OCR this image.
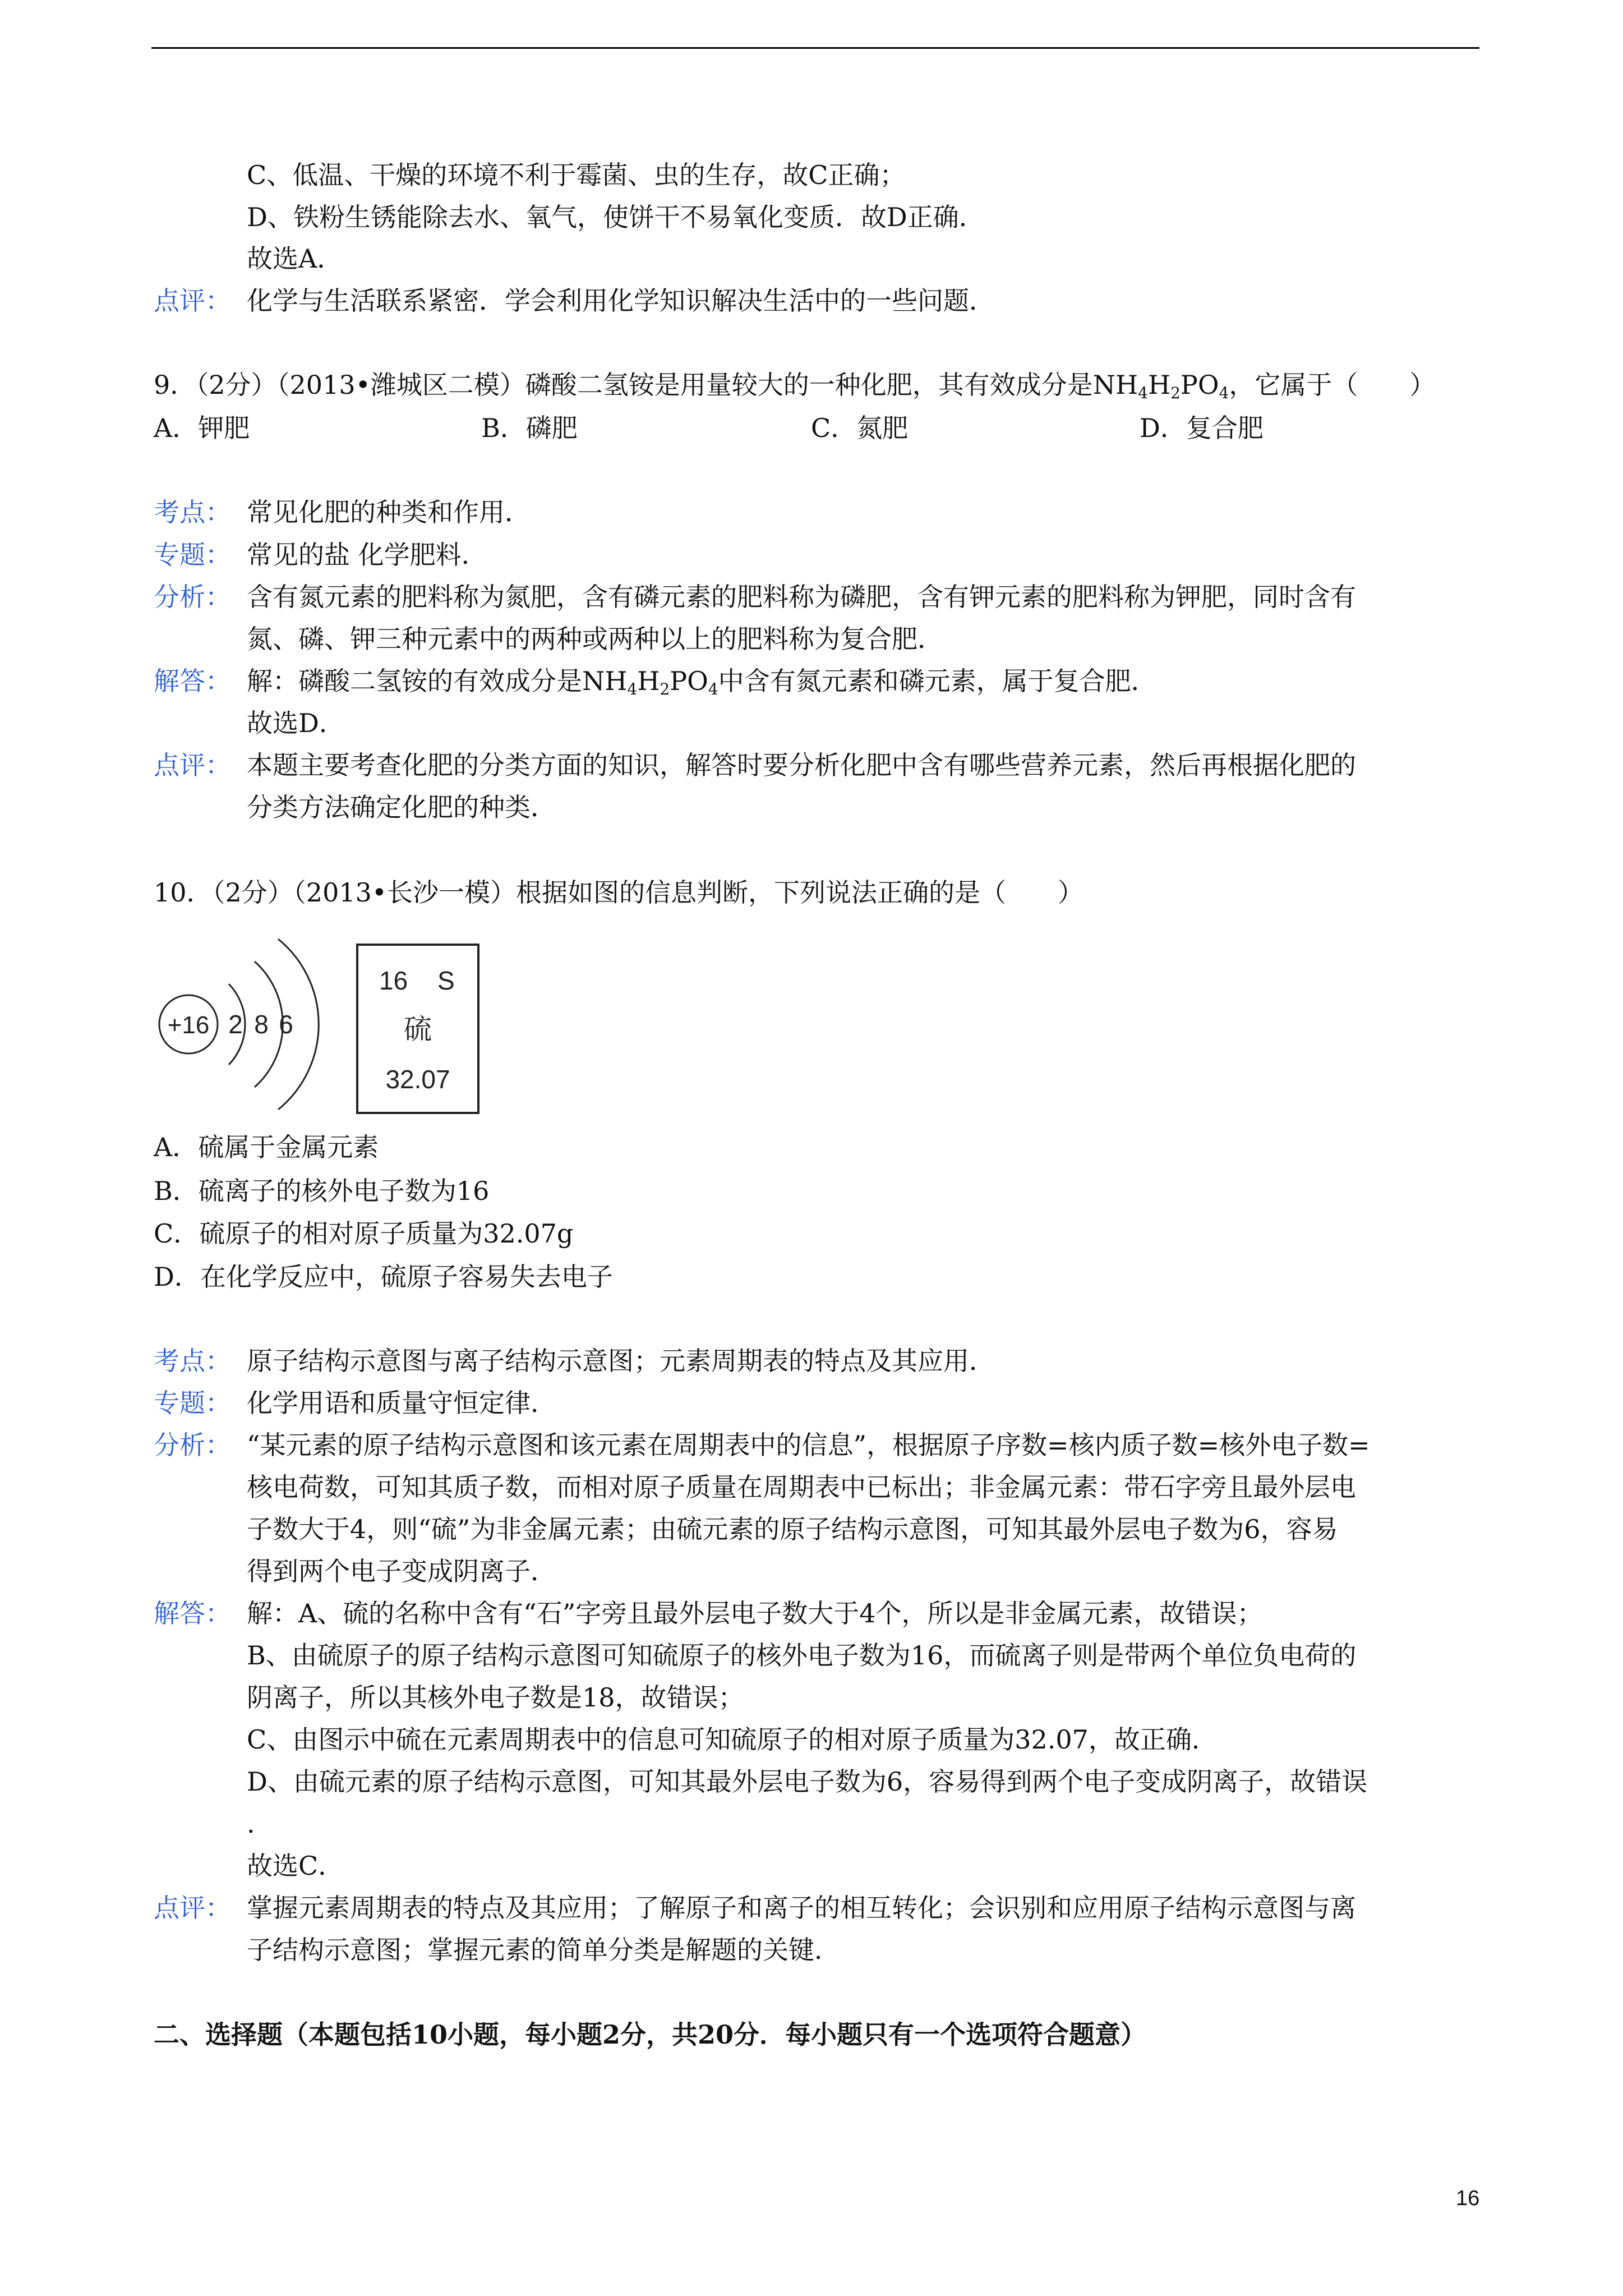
C、低温、干燥的环境不利于霉菌、虫的生存，故C正确；
D、铁粉生锈能除去水、氧气，使饼干不易氧化变质．故D正确．
故选A．
点评： 化学与生活联系紧密．学会利用化学知识解决生活中的一些问题．
9．（2分）（2013•潍城区二模）磷酸二氢铵是用量较大的一种化肥，其有效成分是$NH_4H_2PO_4$，它属于（　　）
A．钾肥	B．磷肥	C．氮肥	D．复合肥
考点： 常见化肥的种类和作用．
专题： 常见的盐 化学肥料．
分析： 含有氮元素的肥料称为氮肥，含有磷元素的肥料称为磷肥，含有钾元素的肥料称为钾肥，同时含有
氮、磷、钾三种元素中的两种或两种以上的肥料称为复合肥．
解答： 解：磷酸二氢铵的有效成分是$NH_4H_2PO_4$中含有氮元素和磷元素，属于复合肥．
故选D．
点评： 本题主要考查化肥的分类方面的知识，解答时要分析化肥中含有哪些营养元素，然后再根据化肥的
分类方法确定化肥的种类．
10．（2分）（2013•长沙一模）根据如图的信息判断，下列说法正确的是（　　）
+16 2 8 6
16 S
硫
32.07
A．硫属于金属元素
B．硫离子的核外电子数为16
C．硫原子的相对原子质量为32.07g
D．在化学反应中，硫原子容易失去电子
考点： 原子结构示意图与离子结构示意图；元素周期表的特点及其应用．
专题： 化学用语和质量守恒定律．
分析： “某元素的原子结构示意图和该元素在周期表中的信息”，根据原子序数=核内质子数=核外电子数=
核电荷数，可知其质子数，而相对原子质量在周期表中已标出；非金属元素：带石字旁且最外层电
子数大于4，则“硫”为非金属元素；由硫元素的原子结构示意图，可知其最外层电子数为6，容易
得到两个电子变成阴离子．
解答： 解：A、硫的名称中含有“石”字旁且最外层电子数大于4个，所以是非金属元素，故错误；
B、由硫原子的原子结构示意图可知硫原子的核外电子数为16，而硫离子则是带两个单位负电荷的
阴离子，所以其核外电子数是18，故错误；
C、由图示中硫在元素周期表中的信息可知硫原子的相对原子质量为32.07，故正确．
D、由硫元素的原子结构示意图，可知其最外层电子数为6，容易得到两个电子变成阴离子，故错误
.
故选C．
点评： 掌握元素周期表的特点及其应用；了解原子和离子的相互转化；会识别和应用原子结构示意图与离
子结构示意图；掌握元素的简单分类是解题的关键．
二、选择题（本题包括10小题，每小题2分，共20分．每小题只有一个选项符合题意）
16
